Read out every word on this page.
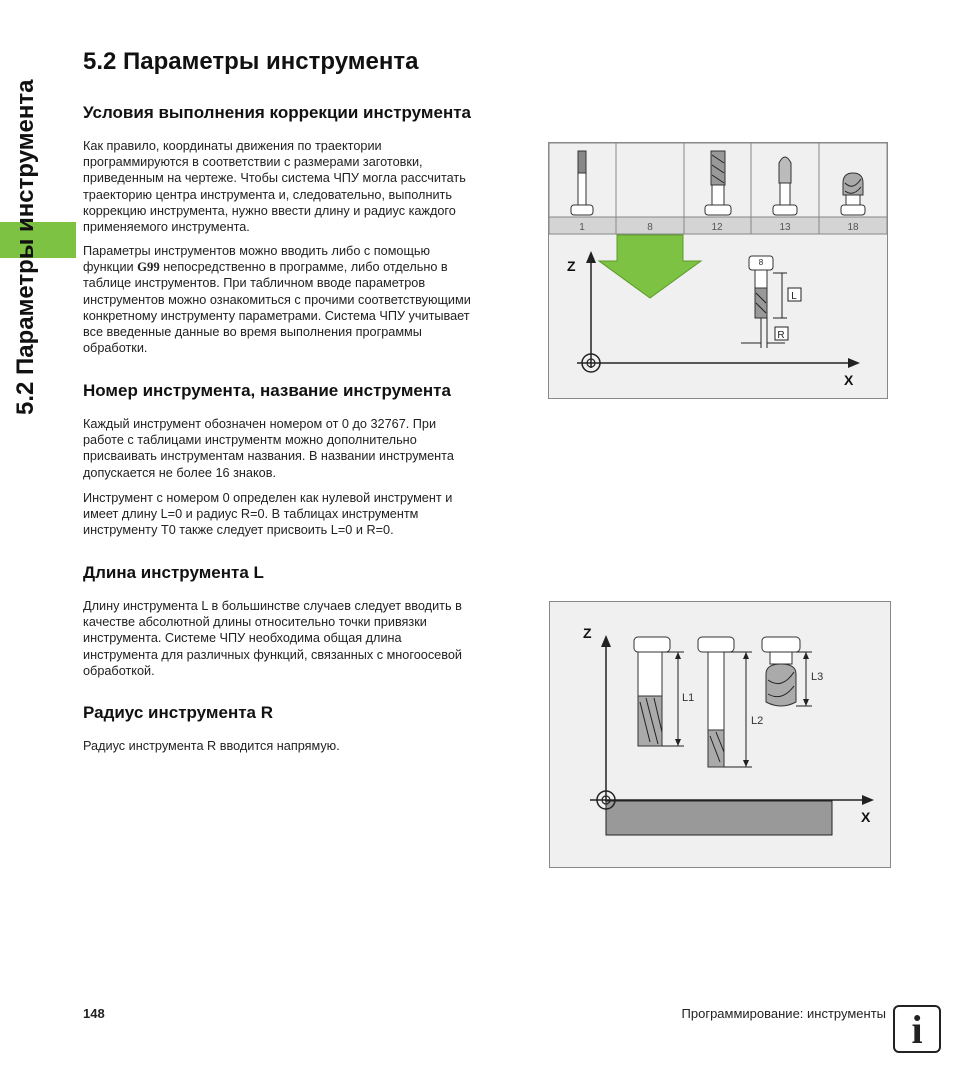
5.2 Параметры инструмента
5.2 Параметры инструмента
Условия выполнения коррекции инструмента

Как правило, координаты движения по траектории
программируются в соответствии с размерами заготовки,
приведенным на чертеже. Чтобы система ЧПУ могла рассчитать
траекторию центра инструмента и, следовательно, выполнить
коррекцию инструмента, нужно ввести длину и радиус каждого
применяемого инструмента.

Параметры инструментов можно вводить либо с помощью
функции G99 непосредственно в программе, либо отдельно в
таблице инструментов. При табличном вводе параметров
инструментов можно ознакомиться с прочими соответствующими
конкретному инструменту параметрами. Система ЧПУ учитывает
все введенные данные во время выполнения программы
обработки.

Номер инструмента, название инструмента

Каждый инструмент обозначен номером от 0 до 32767. При
работе с таблицами инструментм можно дополнительно
присваивать инструментам названия. В названии инструмента
допускается не более 16 знаков.

Инструмент с номером 0 определен как нулевой инструмент и
имеет длину L=0 и радиус R=0. В таблицах инструментм
инструменту T0 также следует присвоить L=0 и R=0.

Длина инструмента L

Длину инструмента L в большинстве случаев следует вводить в
качестве абсолютной длины относительно точки привязки
инструмента. Системе ЧПУ необходима общая длина
инструмента для различных функций, связанных с многоосевой
обработкой.

Радиус инструмента R

Радиус инструмента R вводится напрямую.

1	8	12	13	18
Z
X
8
L
R
Z
X
L1
L2
L3
148	Программирование: инструменты i
